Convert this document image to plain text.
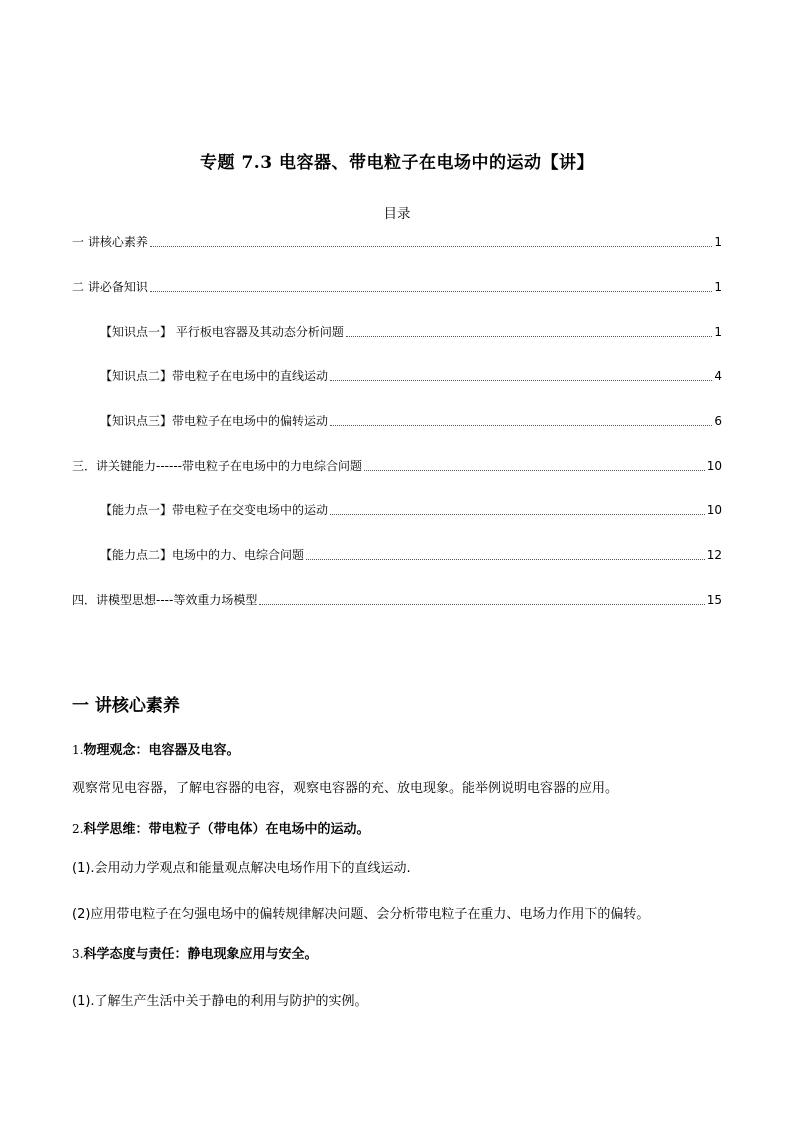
专题 7.3 电容器、带电粒子在电场中的运动【讲】
目录
一 讲核心素养	1
二 讲必备知识	1
【知识点一】 平行板电容器及其动态分析问题	1
【知识点二】带电粒子在电场中的直线运动	4
【知识点三】带电粒子在电场中的偏转运动	6
三．讲关键能力------带电粒子在电场中的力电综合问题	10
【能力点一】带电粒子在交变电场中的运动	10
【能力点二】电场中的力、电综合问题	12
四．讲模型思想----等效重力场模型	15
一 讲核心素养
1.物理观念：电容器及电容。
观察常见电容器，了解电容器的电容，观察电容器的充、放电现象。能举例说明电容器的应用。
2.科学思维：带电粒子（带电体）在电场中的运动。
(1).会用动力学观点和能量观点解决电场作用下的直线运动.
(2)应用带电粒子在匀强电场中的偏转规律解决问题、会分析带电粒子在重力、电场力作用下的偏转。
3.科学态度与责任：静电现象应用与安全。
(1).了解生产生活中关于静电的利用与防护的实例。
